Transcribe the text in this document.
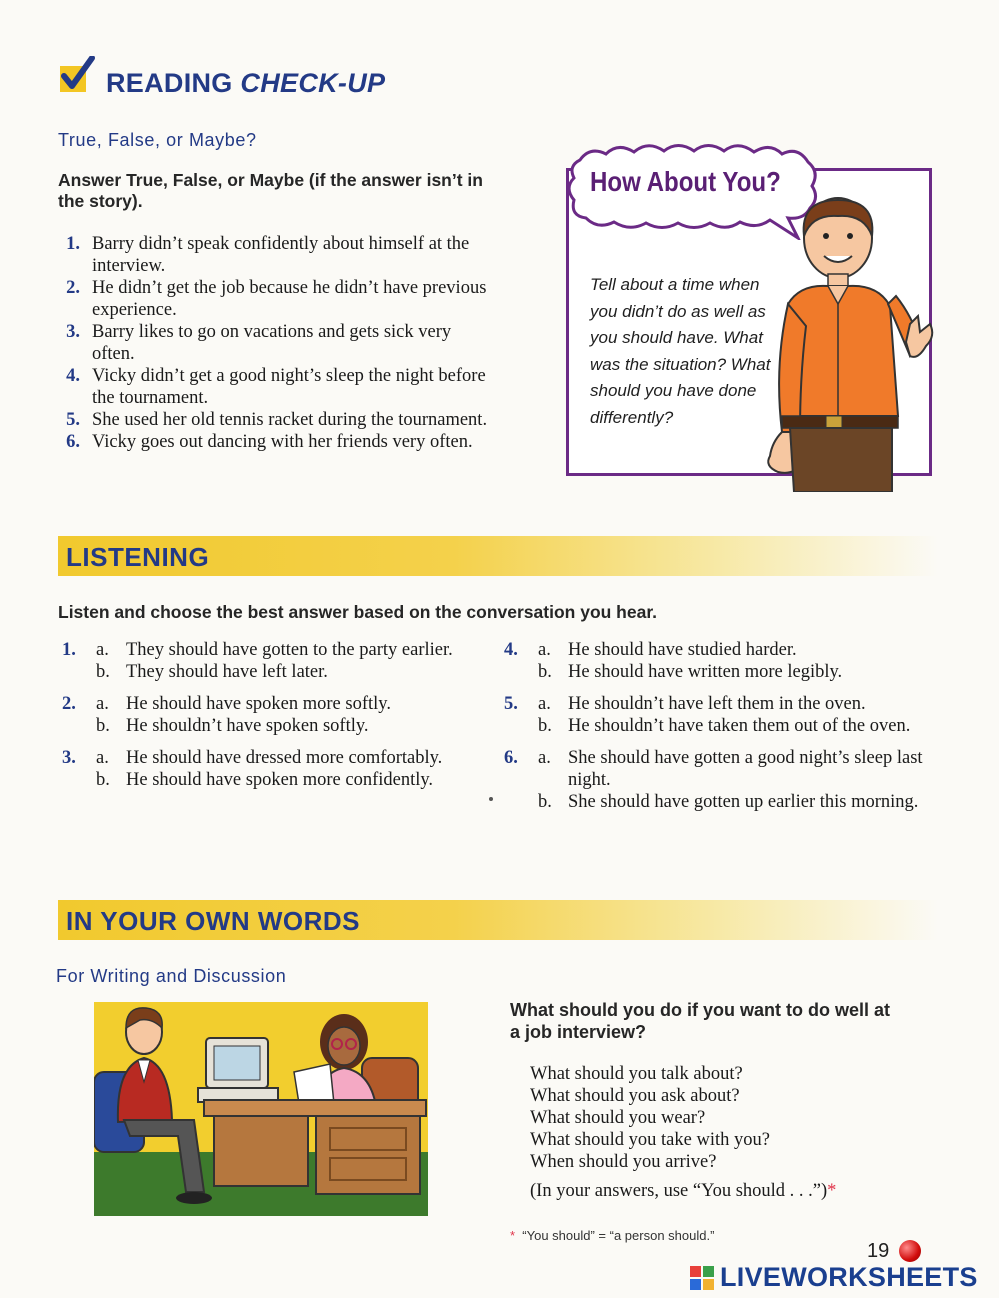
READING CHECK-UP
True, False, or Maybe?
Answer True, False, or Maybe (if the answer isn’t in the story).
1. Barry didn’t speak confidently about himself at the interview.
2. He didn’t get the job because he didn’t have previous experience.
3. Barry likes to go on vacations and gets sick very often.
4. Vicky didn’t get a good night’s sleep the night before the tournament.
5. She used her old tennis racket during the tournament.
6. Vicky goes out dancing with her friends very often.
How About You?
Tell about a time when you didn’t do as well as you should have. What was the situation? What should you have done differently?
LISTENING
Listen and choose the best answer based on the conversation you hear.
1. a. They should have gotten to the party earlier.
b. They should have left later.
2. a. He should have spoken more softly.
b. He shouldn’t have spoken softly.
3. a. He should have dressed more comfortably.
b. He should have spoken more confidently.
4. a. He should have studied harder.
b. He should have written more legibly.
5. a. He shouldn’t have left them in the oven.
b. He shouldn’t have taken them out of the oven.
6. a. She should have gotten a good night’s sleep last night.
b. She should have gotten up earlier this morning.
IN YOUR OWN WORDS
For Writing and Discussion
What should you do if you want to do well at a job interview?
What should you talk about?
What should you ask about?
What should you wear?
What should you take with you?
When should you arrive?
(In your answers, use “You should . . .”)*
* “You should” = “a person should.”
19
LIVEWORKSHEETS
